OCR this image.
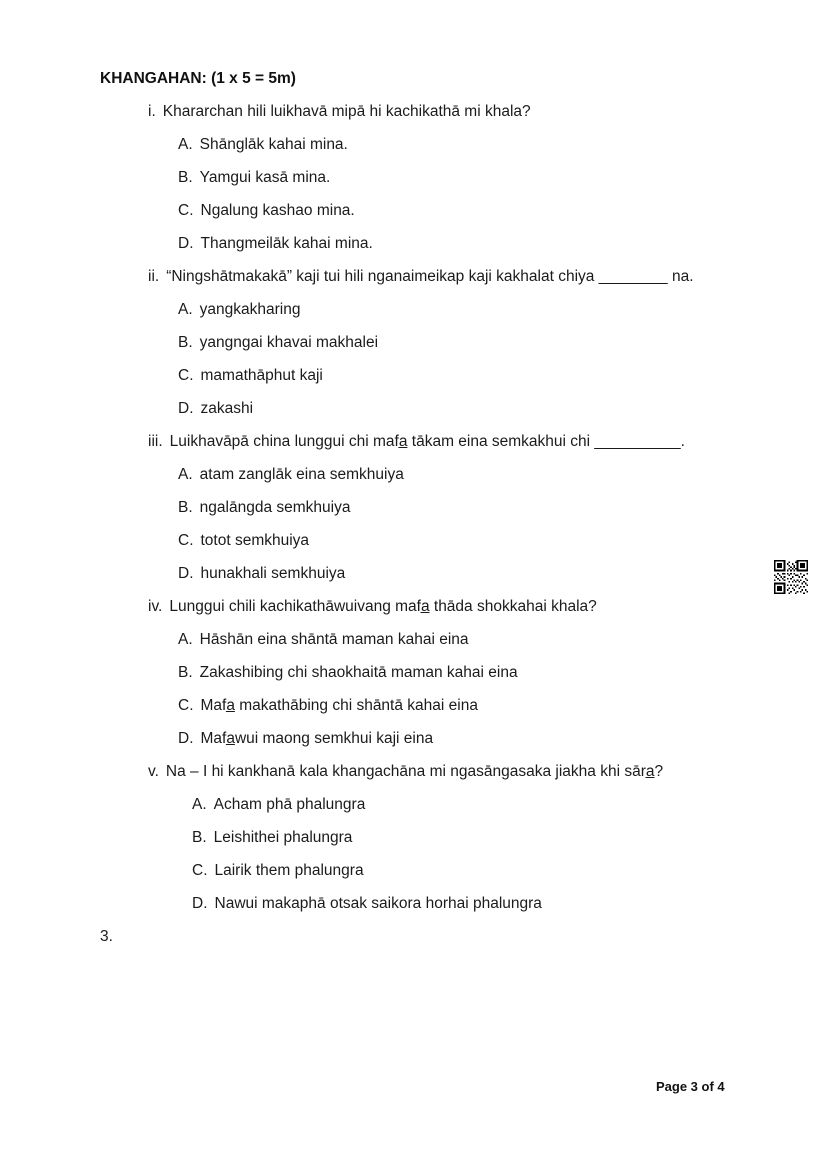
KHANGAHAN: (1 x 5 = 5m)
i. Khararchan hili luikhavā mipā hi kachikathā mi khala?
A. Shānglāk kahai mina.
B. Yamgui kasā mina.
C. Ngalung kashao mina.
D. Thangmeilāk kahai mina.
ii. “Ningshātmakakā” kaji tui hili nganaimeikap kaji kakhalat chiya ________ na.
A. yangkakharing
B. yangngai khavai makhalei
C. mamathāphut kaji
D. zakashi
iii. Luikhavāpā china lunggui chi mafa̲ tākam eina semkakhui chi __________.
A. atam zanglāk eina semkhuiya
B. ngalāngda semkhuiya
C. totot semkhuiya
D. hunakhali semkhuiya
iv. Lunggui chili kachikathāwuivang mafa̲ thāda shokkahai khala?
A. Hāshān eina shāntā maman kahai eina
B. Zakashibing chi shaokhaitā maman kahai eina
C. Mafa̲ makathābing chi shāntā kahai eina
D. Mafa̲wui maong semkhui kaji eina
v. Na – I hi kankhanā kala khangachāna mi ngasāngasaka jiakha khi sāra̲?
A. Acham phā phalungra
B. Leishithei phalungra
C. Lairik them phalungra
D. Nawui makaphā otsak saikora horhai phalungra
3.
Page 3 of 4
